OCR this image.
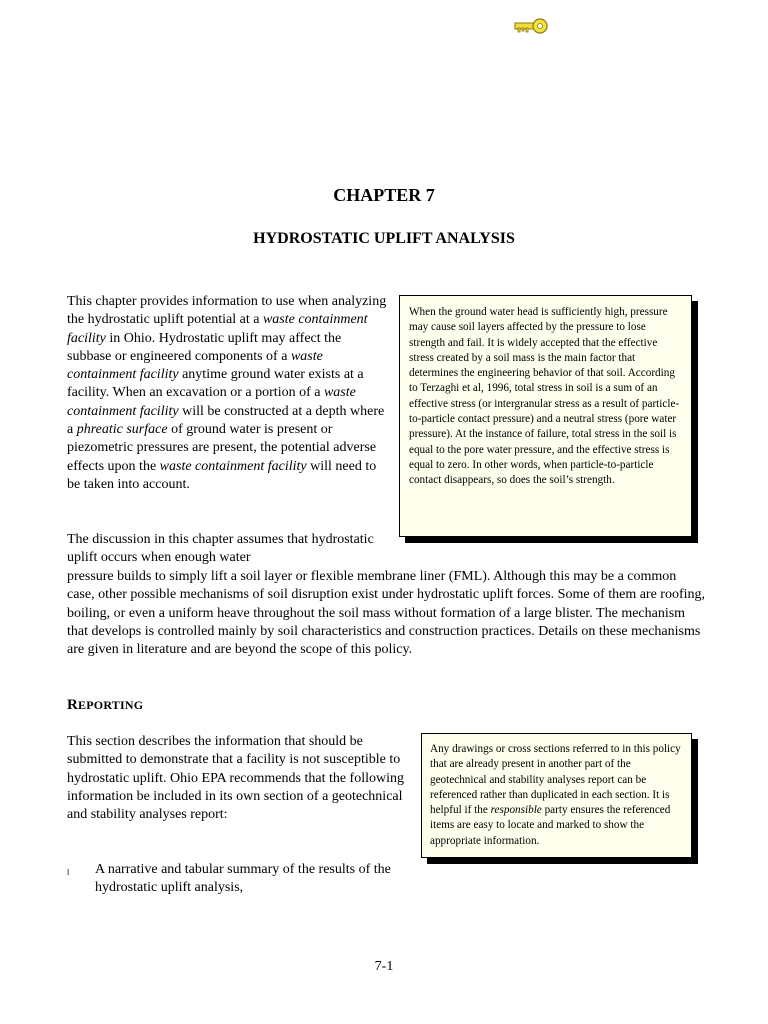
CHAPTER 7
HYDROSTATIC UPLIFT ANALYSIS

This chapter provides information to use when analyzing the hydrostatic uplift potential at a waste containment facility in Ohio. Hydrostatic uplift may affect the subbase or engineered components of a waste containment facility anytime ground water exists at a facility. When an excavation or a portion of a waste containment facility will be constructed at a depth where a phreatic surface of ground water is present or piezometric pressures are present, the potential adverse effects upon the waste containment facility will need to be taken into account.

When the ground water head is sufficiently high, pressure may cause soil layers affected by the pressure to lose strength and fail. It is widely accepted that the effective stress created by a soil mass is the main factor that determines the engineering behavior of that soil. According to Terzaghi et al, 1996, total stress in soil is a sum of an effective stress (or intergranular stress as a result of particle-to-particle contact pressure) and a neutral stress (pore water pressure). At the instance of failure, total stress in the soil is equal to the pore water pressure, and the effective stress is equal to zero. In other words, when particle-to-particle contact disappears, so does the soil’s strength.

The discussion in this chapter assumes that hydrostatic uplift occurs when enough water

pressure builds to simply lift a soil layer or flexible membrane liner (FML). Although this may be a common case, other possible mechanisms of soil disruption exist under hydrostatic uplift forces. Some of them are roofing, boiling, or even a uniform heave throughout the soil mass without formation of a large blister. The mechanism that develops is controlled mainly by soil characteristics and construction practices. Details on these mechanisms are given in literature and are beyond the scope of this policy.

REPORTING

This section describes the information that should be submitted to demonstrate that a facility is not susceptible to hydrostatic uplift. Ohio EPA recommends that the following information be included in its own section of a geotechnical and stability analyses report:

Any drawings or cross sections referred to in this policy that are already present in another part of the geotechnical and stability analyses report can be referenced rather than duplicated in each section. It is helpful if the responsible party ensures the referenced items are easy to locate and marked to show the appropriate information.
l A narrative and tabular summary of the results of the hydrostatic uplift analysis,
7-1
